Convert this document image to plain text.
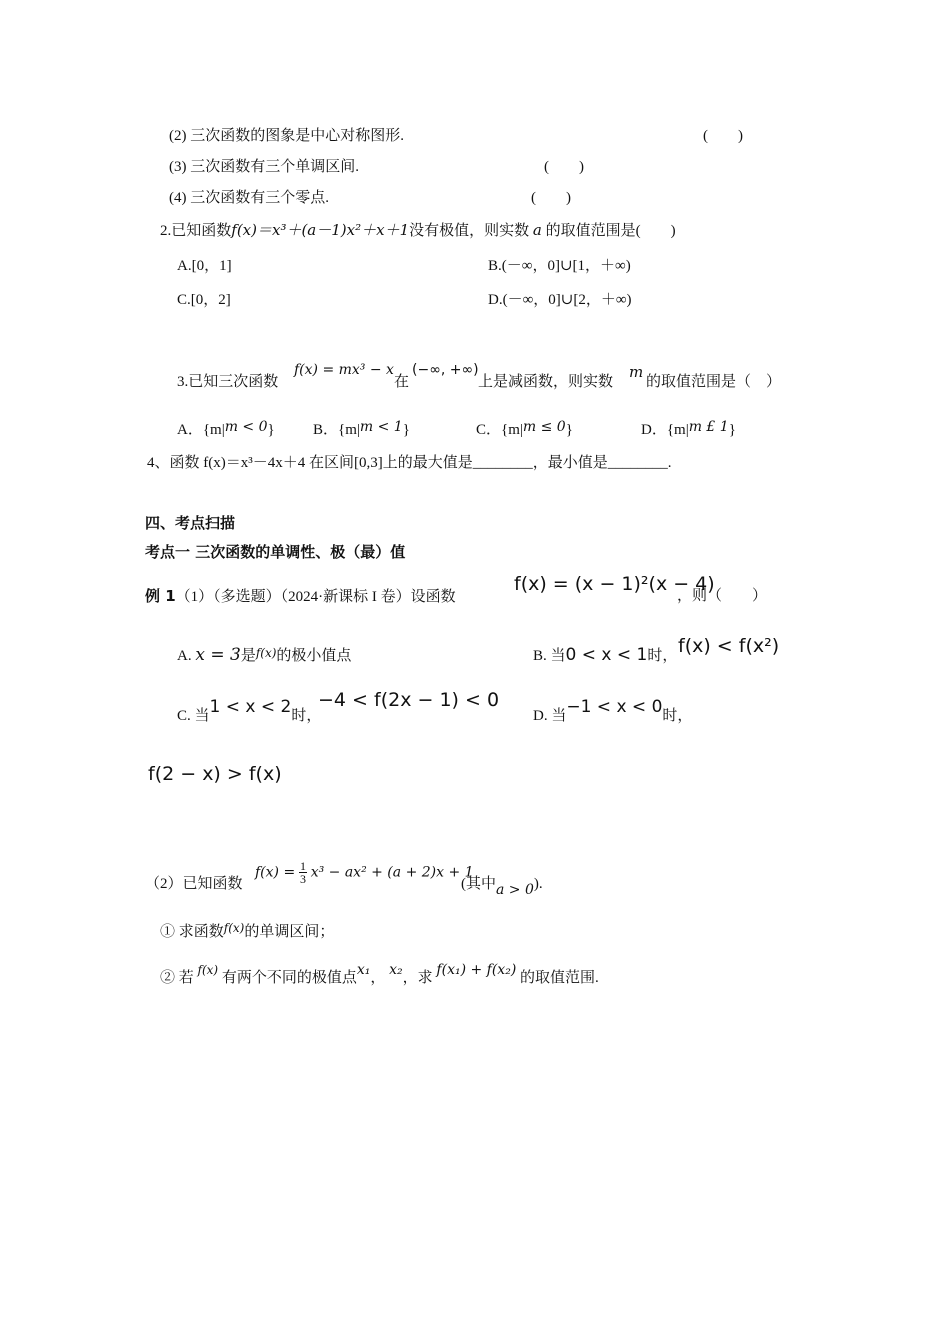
(2) 三次函数的图象是中心对称图形.	(　　)
(3) 三次函数有三个单调区间.	(　　)
(4) 三次函数有三个零点.	(　　)
2.已知函数f(x)＝x³＋(a－1)x²＋x＋1没有极值，则实数 a 的取值范围是(　　)
A.[0，1]	B.(－∞，0]∪[1，＋∞)
C.[0，2]	D.(－∞，0]∪[2，＋∞)
3.已知三次函数
f(x) = mx³ − x
在
(−∞, +∞)
上是减函数，则实数
m
的取值范围是（　）
A．{m|m < 0}	B．{m|m < 1}	C．{m|m ≤ 0}	D．{m|m £ 1}
4、函数 f(x)＝x³－4x＋4 在区间[0,3]上的最大值是________，最小值是________.
四、考点扫描
考点一 三次函数的单调性、极（最）值
例 1（1）（多选题）（2024·新课标 I 卷）设函数
f(x) = (x − 1)²(x − 4)
，则（　　）
A. x = 3是$^{f(x)}$的极小值点	B. 当0 < x < 1时， f(x) < f(x²)
C. 当1 < x < 2时，
−4 < f(2x − 1) < 0
D. 当−1 < x < 0时，
f(2 − x) > f(x)
（2）已知函数
$f(x) = \frac{1}{3} x^3 - ax^2 + (a + 2)x + 1$
(其中a > 0).
① 求函数$^{f(x)}$的单调区间；
② 若 $^{f(x)}$ 有两个不同的极值点x₁， x₂，求 f(x₁) + f(x₂) 的取值范围.
